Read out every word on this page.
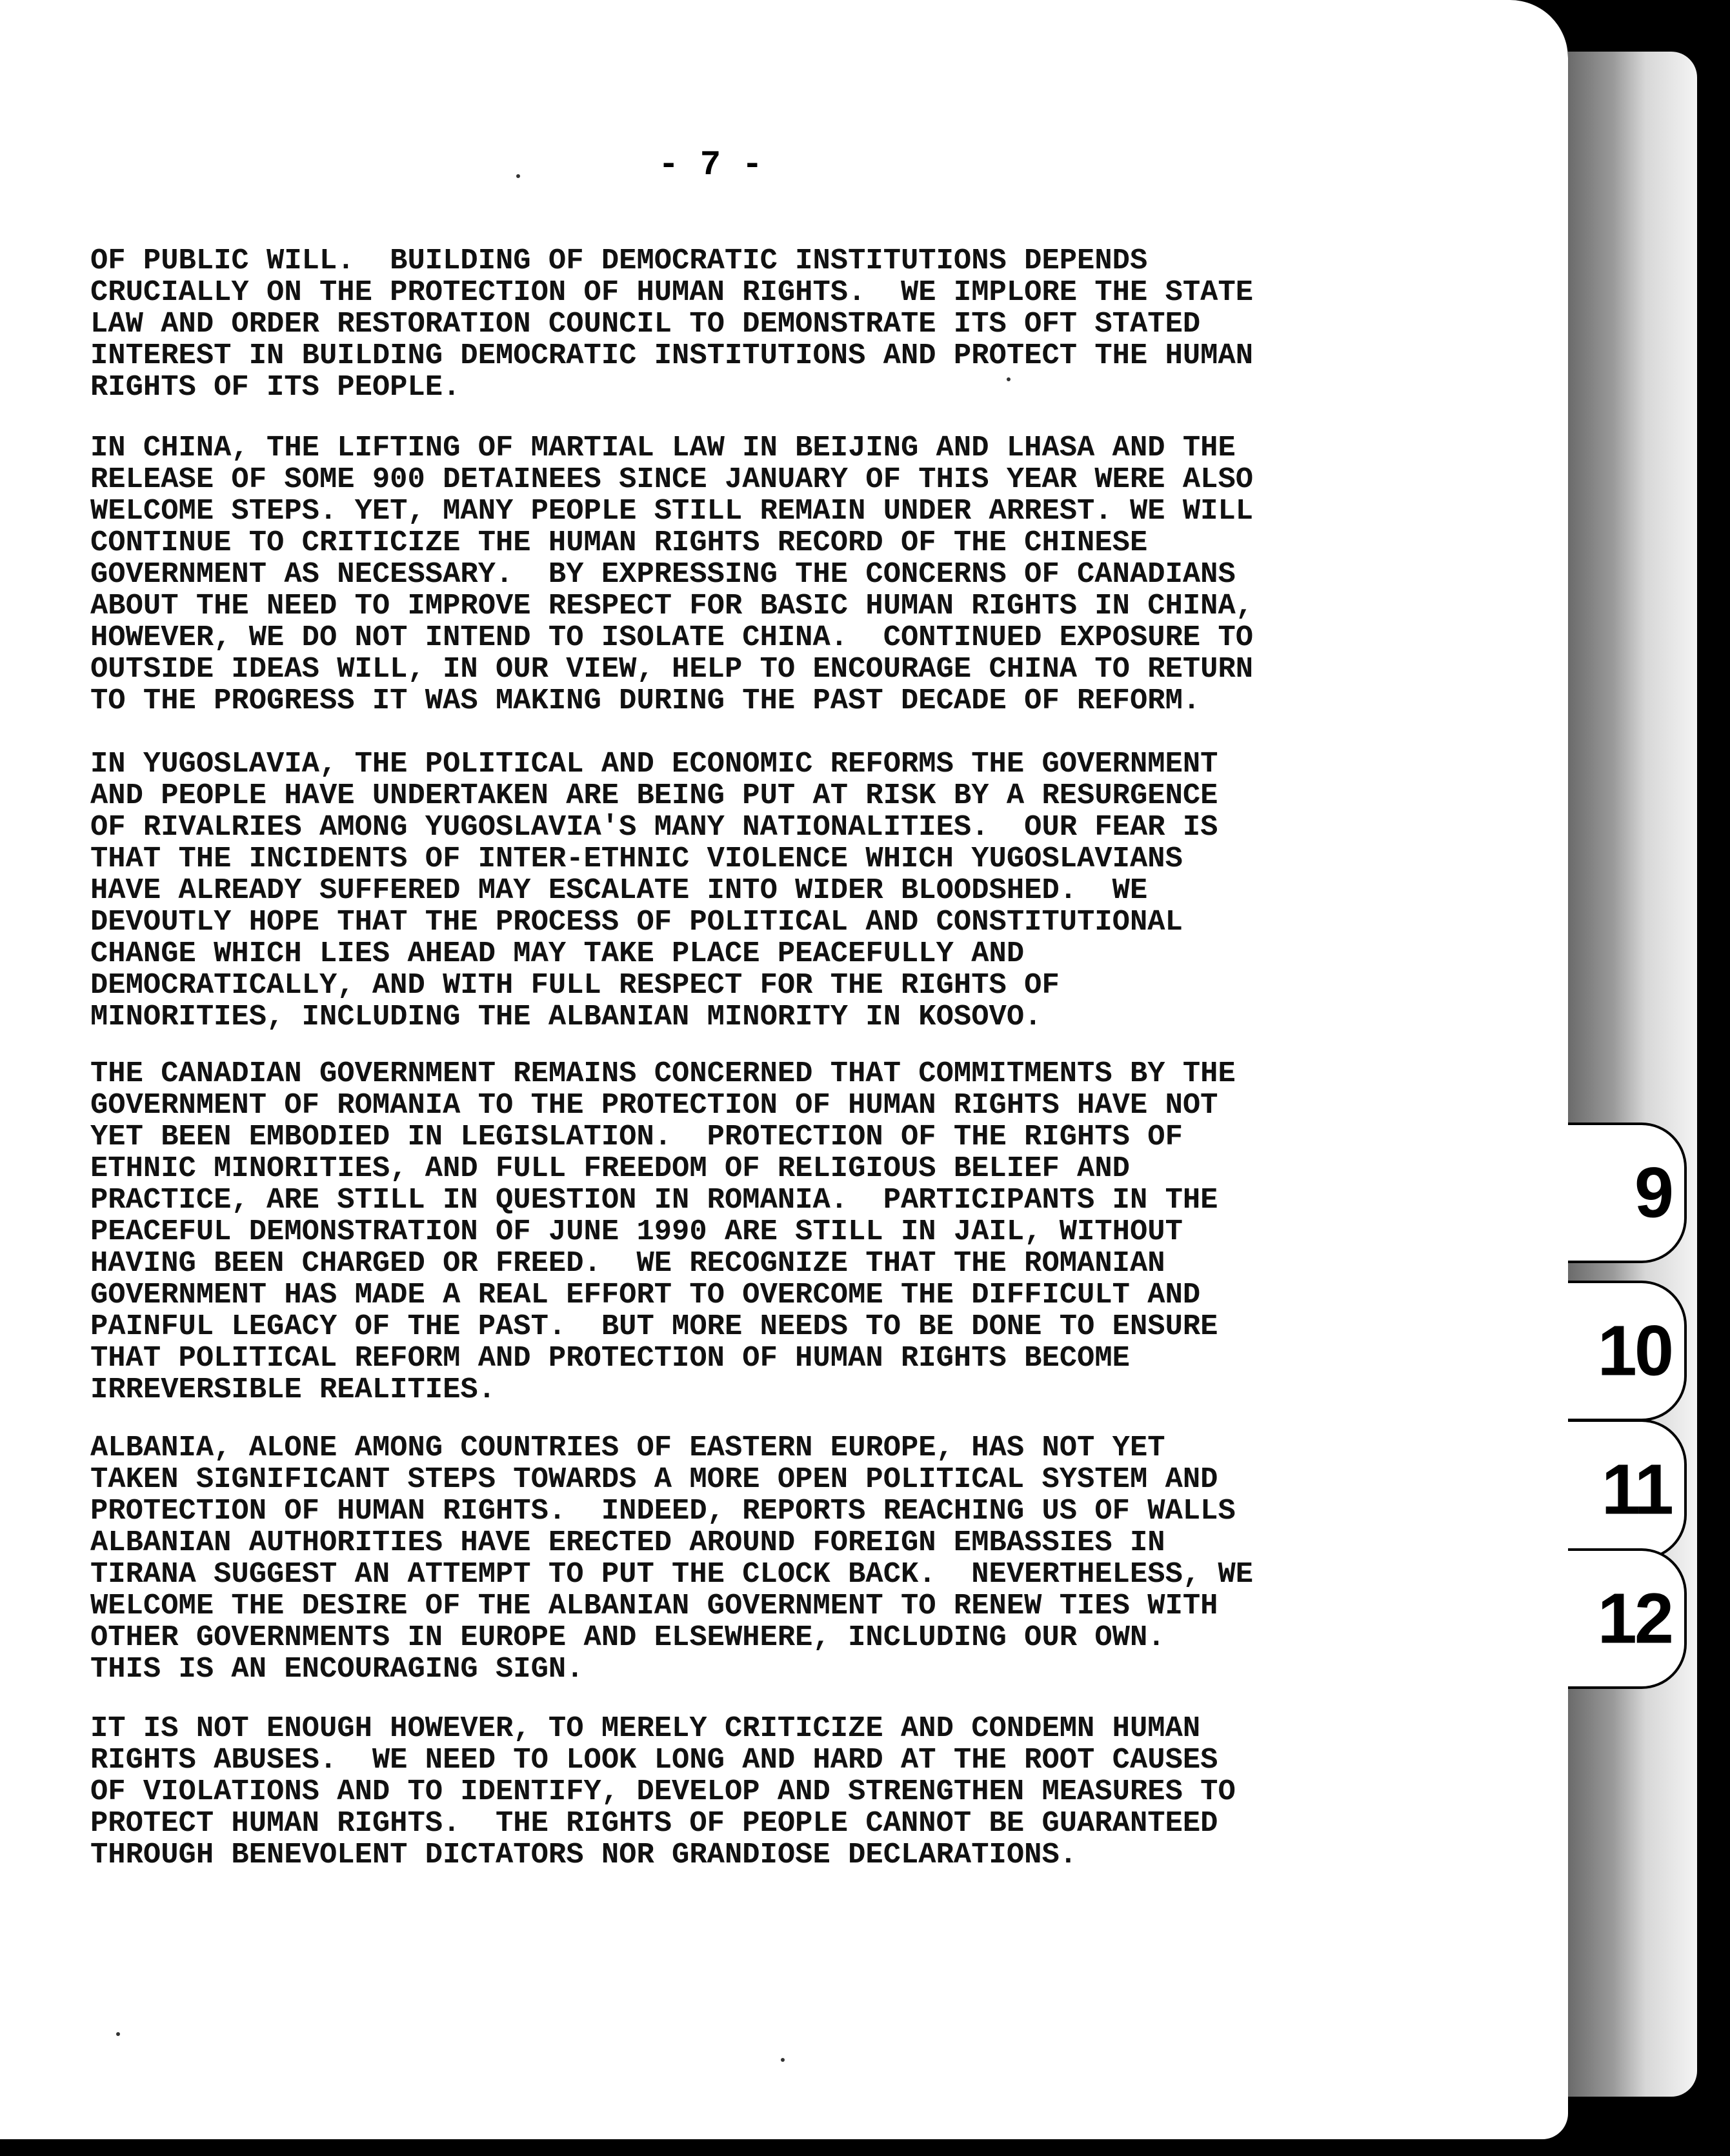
9
10
11
12
- 7 -
OF PUBLIC WILL.  BUILDING OF DEMOCRATIC INSTITUTIONS DEPENDS
CRUCIALLY ON THE PROTECTION OF HUMAN RIGHTS.  WE IMPLORE THE STATE
LAW AND ORDER RESTORATION COUNCIL TO DEMONSTRATE ITS OFT STATED
INTEREST IN BUILDING DEMOCRATIC INSTITUTIONS AND PROTECT THE HUMAN
RIGHTS OF ITS PEOPLE.
IN CHINA, THE LIFTING OF MARTIAL LAW IN BEIJING AND LHASA AND THE
RELEASE OF SOME 900 DETAINEES SINCE JANUARY OF THIS YEAR WERE ALSO
WELCOME STEPS. YET, MANY PEOPLE STILL REMAIN UNDER ARREST. WE WILL
CONTINUE TO CRITICIZE THE HUMAN RIGHTS RECORD OF THE CHINESE
GOVERNMENT AS NECESSARY.  BY EXPRESSING THE CONCERNS OF CANADIANS
ABOUT THE NEED TO IMPROVE RESPECT FOR BASIC HUMAN RIGHTS IN CHINA,
HOWEVER, WE DO NOT INTEND TO ISOLATE CHINA.  CONTINUED EXPOSURE TO
OUTSIDE IDEAS WILL, IN OUR VIEW, HELP TO ENCOURAGE CHINA TO RETURN
TO THE PROGRESS IT WAS MAKING DURING THE PAST DECADE OF REFORM.
IN YUGOSLAVIA, THE POLITICAL AND ECONOMIC REFORMS THE GOVERNMENT
AND PEOPLE HAVE UNDERTAKEN ARE BEING PUT AT RISK BY A RESURGENCE
OF RIVALRIES AMONG YUGOSLAVIA'S MANY NATIONALITIES.  OUR FEAR IS
THAT THE INCIDENTS OF INTER-ETHNIC VIOLENCE WHICH YUGOSLAVIANS
HAVE ALREADY SUFFERED MAY ESCALATE INTO WIDER BLOODSHED.  WE
DEVOUTLY HOPE THAT THE PROCESS OF POLITICAL AND CONSTITUTIONAL
CHANGE WHICH LIES AHEAD MAY TAKE PLACE PEACEFULLY AND
DEMOCRATICALLY, AND WITH FULL RESPECT FOR THE RIGHTS OF
MINORITIES, INCLUDING THE ALBANIAN MINORITY IN KOSOVO.
THE CANADIAN GOVERNMENT REMAINS CONCERNED THAT COMMITMENTS BY THE
GOVERNMENT OF ROMANIA TO THE PROTECTION OF HUMAN RIGHTS HAVE NOT
YET BEEN EMBODIED IN LEGISLATION.  PROTECTION OF THE RIGHTS OF
ETHNIC MINORITIES, AND FULL FREEDOM OF RELIGIOUS BELIEF AND
PRACTICE, ARE STILL IN QUESTION IN ROMANIA.  PARTICIPANTS IN THE
PEACEFUL DEMONSTRATION OF JUNE 1990 ARE STILL IN JAIL, WITHOUT
HAVING BEEN CHARGED OR FREED.  WE RECOGNIZE THAT THE ROMANIAN
GOVERNMENT HAS MADE A REAL EFFORT TO OVERCOME THE DIFFICULT AND
PAINFUL LEGACY OF THE PAST.  BUT MORE NEEDS TO BE DONE TO ENSURE
THAT POLITICAL REFORM AND PROTECTION OF HUMAN RIGHTS BECOME
IRREVERSIBLE REALITIES.
ALBANIA, ALONE AMONG COUNTRIES OF EASTERN EUROPE, HAS NOT YET
TAKEN SIGNIFICANT STEPS TOWARDS A MORE OPEN POLITICAL SYSTEM AND
PROTECTION OF HUMAN RIGHTS.  INDEED, REPORTS REACHING US OF WALLS
ALBANIAN AUTHORITIES HAVE ERECTED AROUND FOREIGN EMBASSIES IN
TIRANA SUGGEST AN ATTEMPT TO PUT THE CLOCK BACK.  NEVERTHELESS, WE
WELCOME THE DESIRE OF THE ALBANIAN GOVERNMENT TO RENEW TIES WITH
OTHER GOVERNMENTS IN EUROPE AND ELSEWHERE, INCLUDING OUR OWN.
THIS IS AN ENCOURAGING SIGN.
IT IS NOT ENOUGH HOWEVER, TO MERELY CRITICIZE AND CONDEMN HUMAN
RIGHTS ABUSES.  WE NEED TO LOOK LONG AND HARD AT THE ROOT CAUSES
OF VIOLATIONS AND TO IDENTIFY, DEVELOP AND STRENGTHEN MEASURES TO
PROTECT HUMAN RIGHTS.  THE RIGHTS OF PEOPLE CANNOT BE GUARANTEED
THROUGH BENEVOLENT DICTATORS NOR GRANDIOSE DECLARATIONS.
